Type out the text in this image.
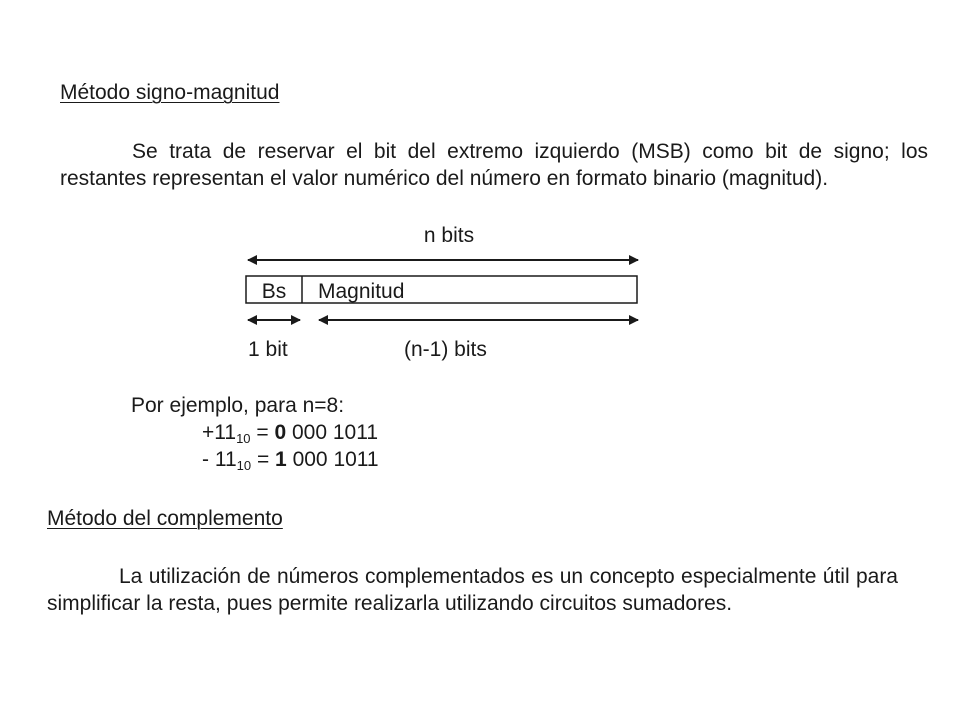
Método signo-magnitud
Se trata de reservar el bit del extremo izquierdo (MSB) como bit de signo; los restantes representan el valor numérico del número en formato binario (magnitud).
n bits
Bs Magnitud
1 bit	(n-1) bits
Por ejemplo, para n=8:
$+11_{10} = 0$ 000 1011
- $11_{10} = 1$ 000 1011
Método del complemento
La utilización de números complementados es un concepto especialmente útil para simplificar la resta, pues permite realizarla utilizando circuitos sumadores.
